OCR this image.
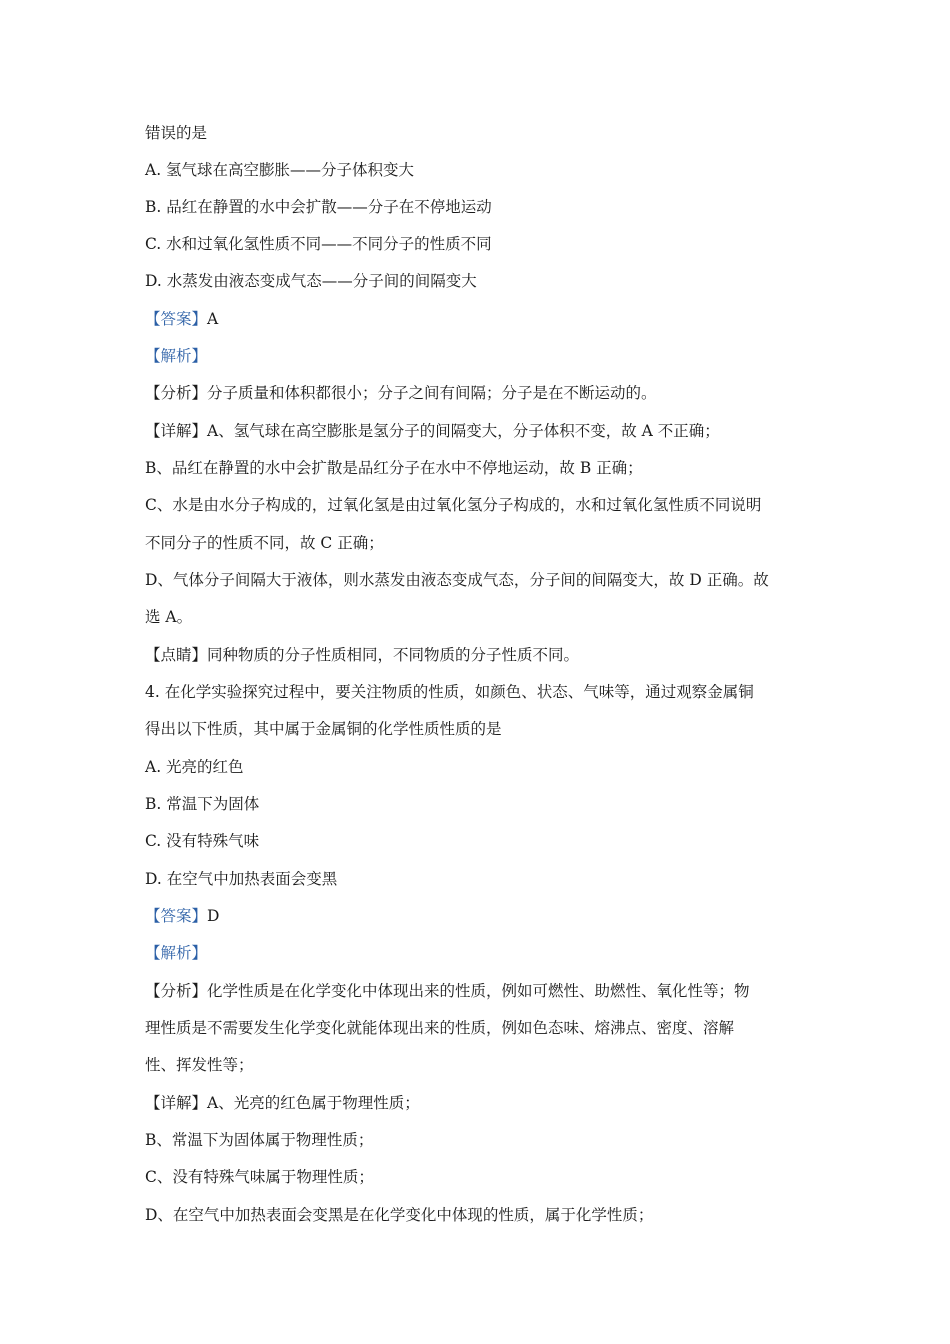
错误的是
A. 氢气球在高空膨胀——分子体积变大
B. 品红在静置的水中会扩散——分子在不停地运动
C. 水和过氧化氢性质不同——不同分子的性质不同
D. 水蒸发由液态变成气态——分子间的间隔变大
【答案】A
【解析】
【分析】分子质量和体积都很小；分子之间有间隔；分子是在不断运动的。
【详解】A、氢气球在高空膨胀是氢分子的间隔变大，分子体积不变，故 A 不正确；
B、品红在静置的水中会扩散是品红分子在水中不停地运动，故 B 正确；
C、水是由水分子构成的，过氧化氢是由过氧化氢分子构成的，水和过氧化氢性质不同说明
不同分子的性质不同，故 C 正确；
D、气体分子间隔大于液体，则水蒸发由液态变成气态，分子间的间隔变大，故 D 正确。故
选 A。
【点睛】同种物质的分子性质相同，不同物质的分子性质不同。
4. 在化学实验探究过程中，要关注物质的性质，如颜色、状态、气味等，通过观察金属铜
得出以下性质，其中属于金属铜的化学性质性质的是
A. 光亮的红色
B. 常温下为固体
C. 没有特殊气味
D. 在空气中加热表面会变黑
【答案】D
【解析】
【分析】化学性质是在化学变化中体现出来的性质，例如可燃性、助燃性、氧化性等；物
理性质是不需要发生化学变化就能体现出来的性质，例如色态味、熔沸点、密度、溶解
性、挥发性等；
【详解】A、光亮的红色属于物理性质；
B、常温下为固体属于物理性质；
C、没有特殊气味属于物理性质；
D、在空气中加热表面会变黑是在化学变化中体现的性质，属于化学性质；
